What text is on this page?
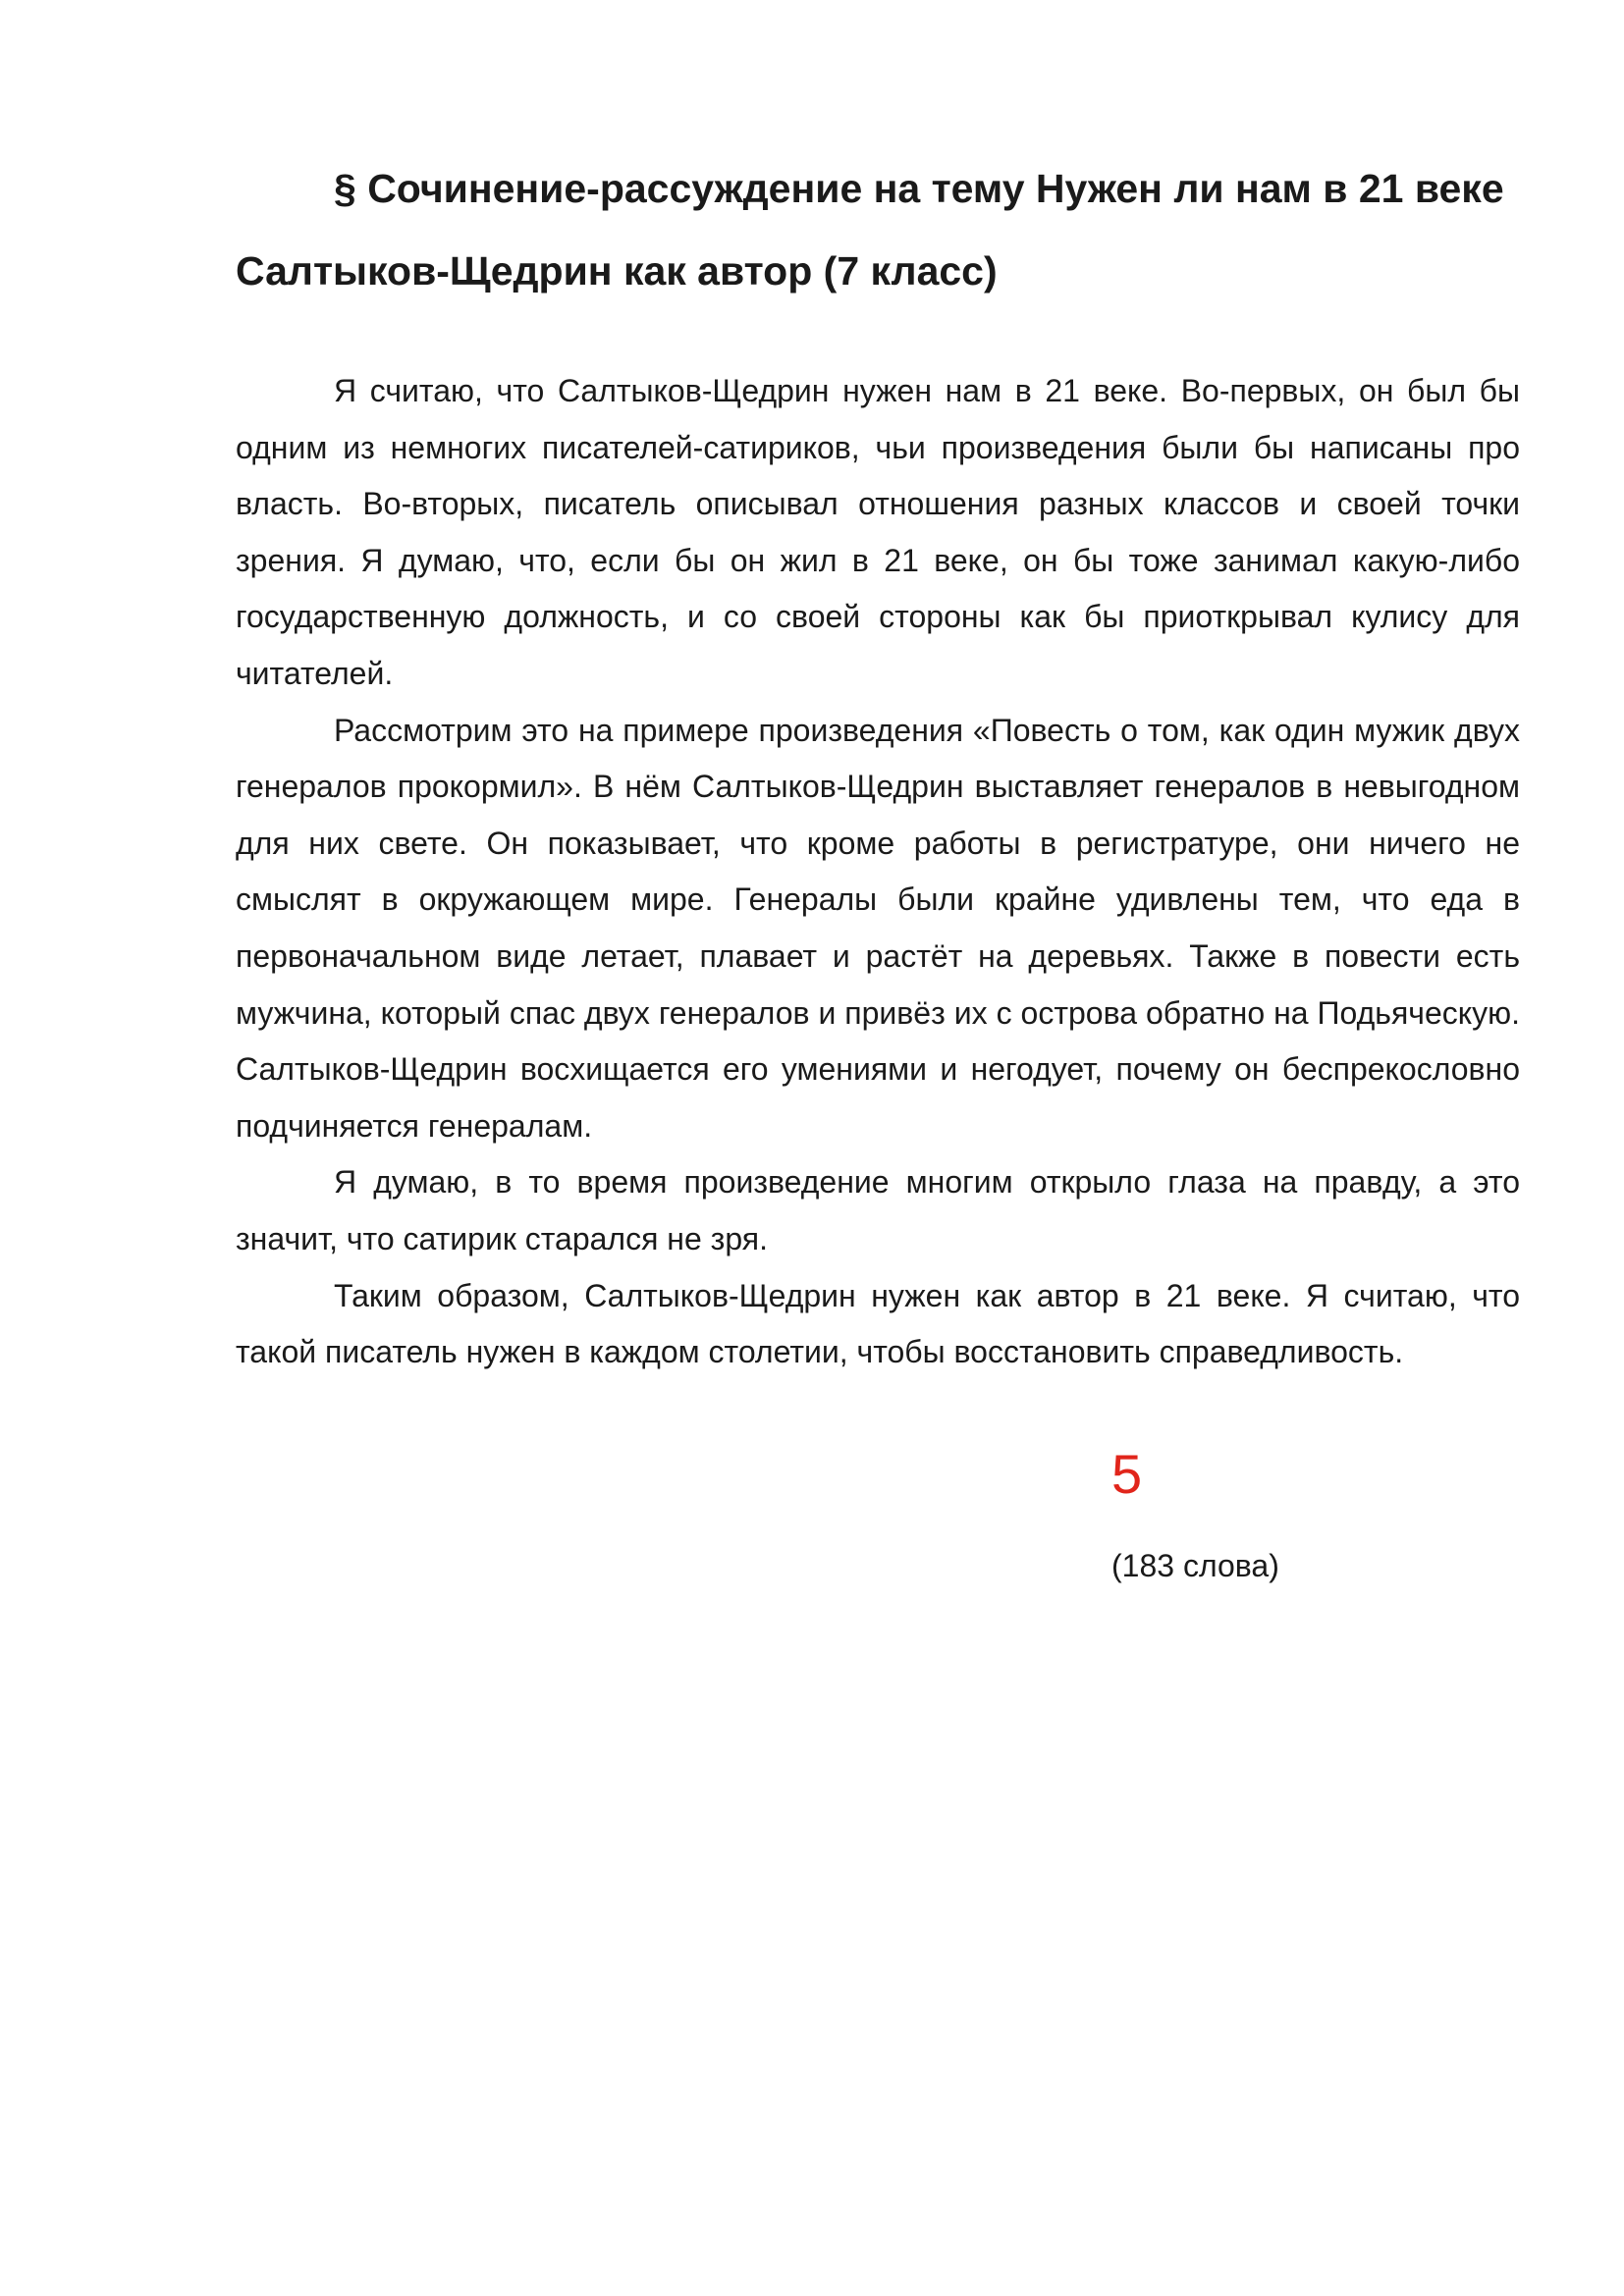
§ Сочинение-рассуждение на тему Нужен ли нам в 21 веке Салтыков-Щедрин как автор (7 класс)

Я считаю, что Салтыков-Щедрин нужен нам в 21 веке. Во-первых, он был бы одним из немногих писателей-сатириков, чьи произведения были бы написаны про власть. Во-вторых, писатель описывал отношения разных классов и своей точки зрения. Я думаю, что, если бы он жил в 21 веке, он бы тоже занимал какую-либо государственную должность, и со своей стороны как бы приоткрывал кулису для читателей.

Рассмотрим это на примере произведения «Повесть о том, как один мужик двух генералов прокормил». В нём Салтыков-Щедрин выставляет генералов в невыгодном для них свете. Он показывает, что кроме работы в регистратуре, они ничего не смыслят в окружающем мире. Генералы были крайне удивлены тем, что еда в первоначальном виде летает, плавает и растёт на деревьях. Также в повести есть мужчина, который спас двух генералов и привёз их с острова обратно на Подьяческую. Салтыков-Щедрин восхищается его умениями и негодует, почему он беспрекословно подчиняется генералам.

Я думаю, в то время произведение многим открыло глаза на правду, а это значит, что сатирик старался не зря.

Таким образом, Салтыков-Щедрин нужен как автор в 21 веке. Я считаю, что такой писатель нужен в каждом столетии, чтобы восстановить справедливость.

5
(183 слова)
